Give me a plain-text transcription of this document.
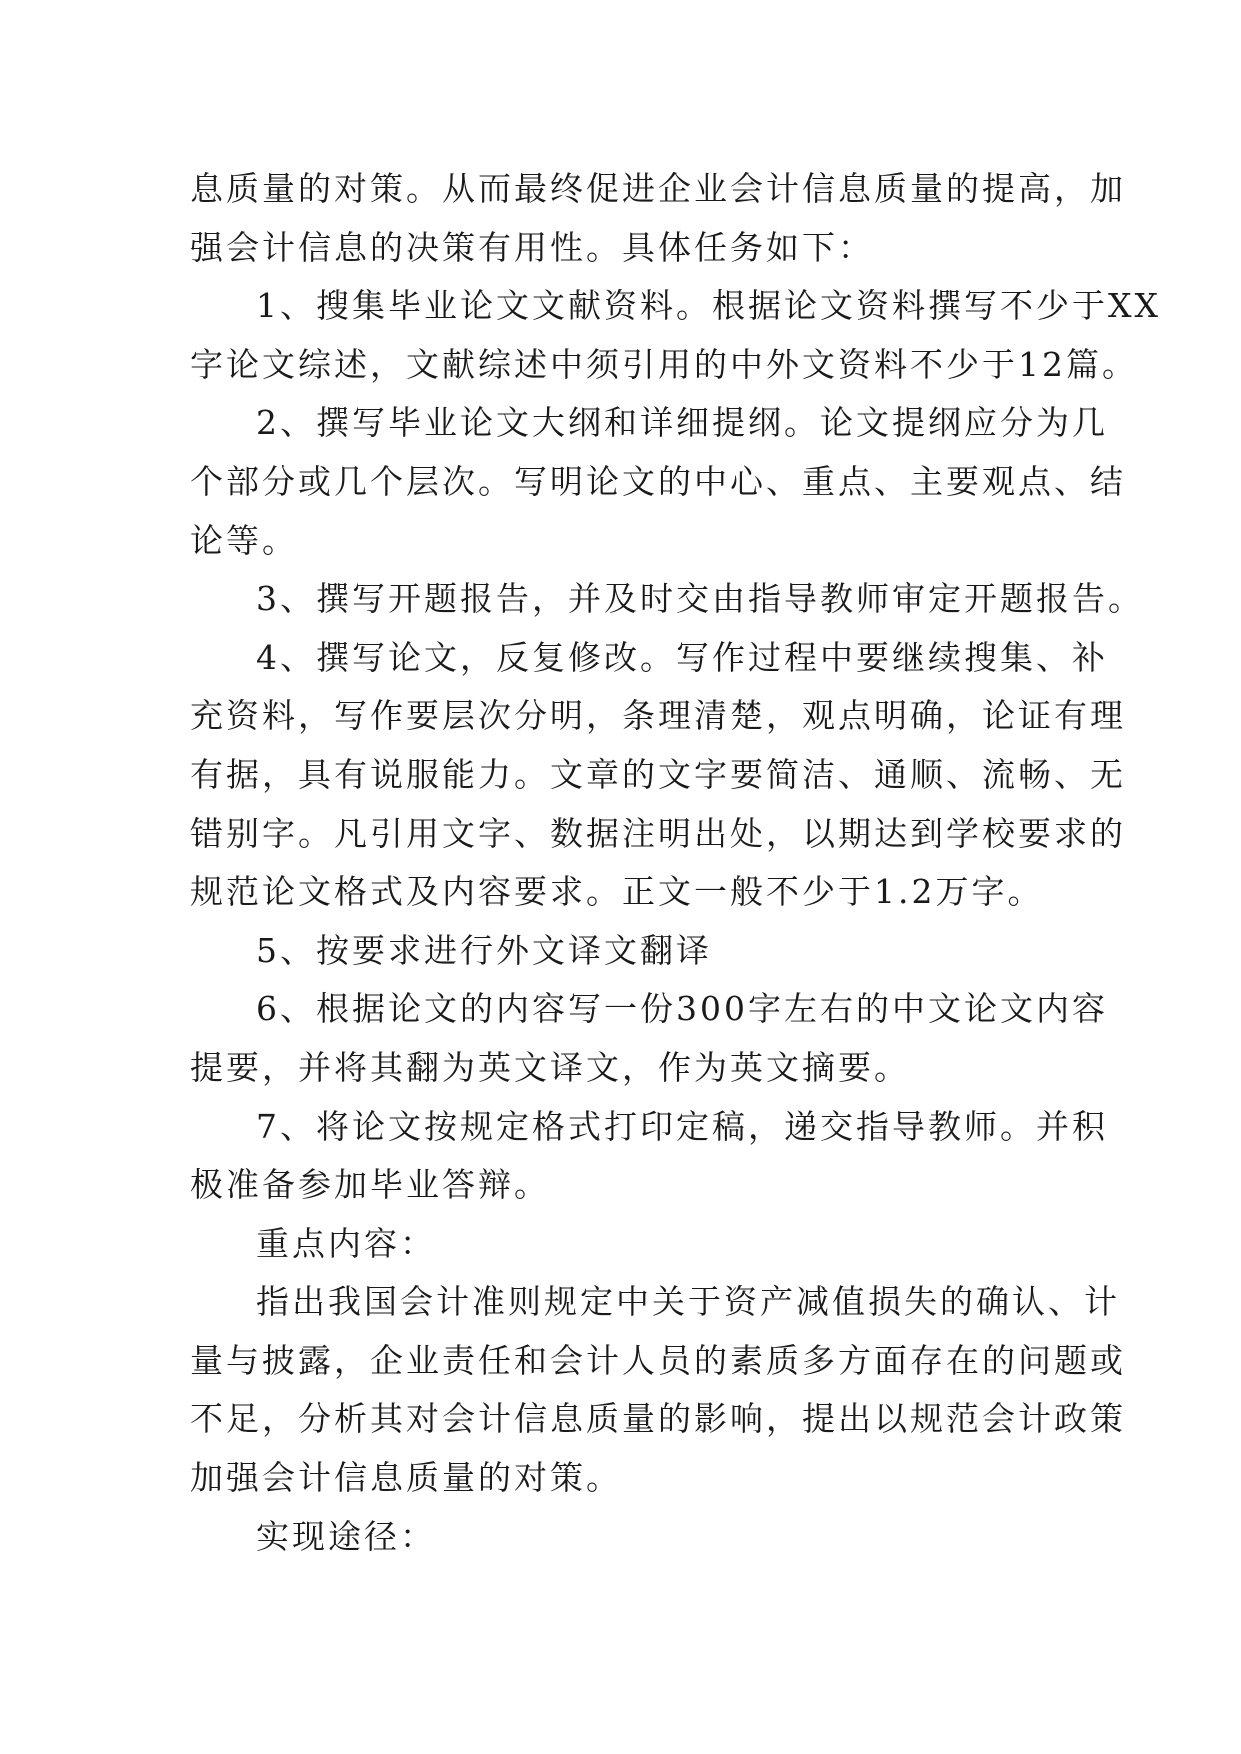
息质量的对策。从而最终促进企业会计信息质量的提高，加
强会计信息的决策有用性。具体任务如下：
1、搜集毕业论文文献资料。根据论文资料撰写不少于XX
字论文综述，文献综述中须引用的中外文资料不少于12篇。
2、撰写毕业论文大纲和详细提纲。论文提纲应分为几
个部分或几个层次。写明论文的中心、重点、主要观点、结
论等。
3、撰写开题报告，并及时交由指导教师审定开题报告。
4、撰写论文，反复修改。写作过程中要继续搜集、补
充资料，写作要层次分明，条理清楚，观点明确，论证有理
有据，具有说服能力。文章的文字要简洁、通顺、流畅、无
错别字。凡引用文字、数据注明出处，以期达到学校要求的
规范论文格式及内容要求。正文一般不少于1.2万字。
5、按要求进行外文译文翻译
6、根据论文的内容写一份300字左右的中文论文内容
提要，并将其翻为英文译文，作为英文摘要。
7、将论文按规定格式打印定稿，递交指导教师。并积
极准备参加毕业答辩。
重点内容：
指出我国会计准则规定中关于资产减值损失的确认、计
量与披露，企业责任和会计人员的素质多方面存在的问题或
不足，分析其对会计信息质量的影响，提出以规范会计政策
加强会计信息质量的对策。
实现途径：
